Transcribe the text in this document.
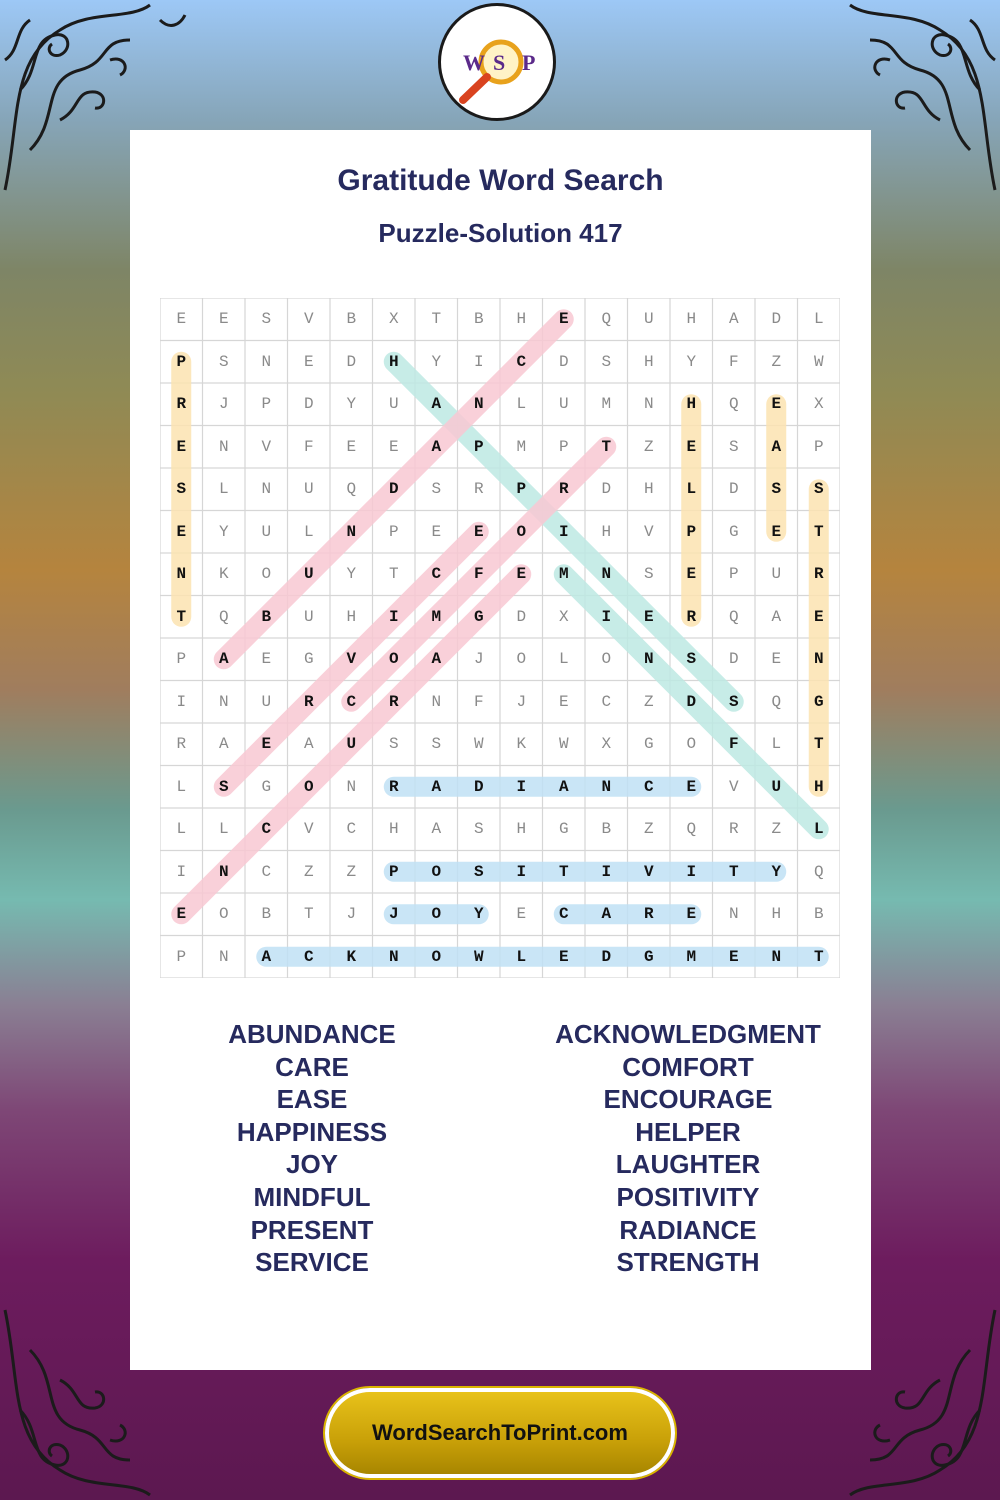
W S P
Gratitude Word Search
Puzzle-Solution 417
E	E	S	V	B	X	T	B	H	E	Q	U	H	A	D	L
P	S	N	E	D	H	Y	I	C	D	S	H	Y	F	Z	W
R	J	P	D	Y	U	A	N	L	U	M	N	H	Q	E	X
E	N	V	F	E	E	A	P	M	P	T	Z	E	S	A	P
S	L	N	U	Q	D	S	R	P	R	D	H	L	D	S	S
E	Y	U	L	N	P	E	E	O	I	H	V	P	G	E	T
N	K	O	U	Y	T	C	F	E	M	N	S	E	P	U	R
T	Q	B	U	H	I	M	G	D	X	I	E	R	Q	A	E
P	A	E	G	V	O	A	J	O	L	O	N	S	D	E	N
I	N	U	R	C	R	N	F	J	E	C	Z	D	S	Q	G
R	A	E	A	U	S	S	W	K	W	X	G	O	F	L	T
L	S	G	O	N	R	A	D	I	A	N	C	E	V	U	H
L	L	C	V	C	H	A	S	H	G	B	Z	Q	R	Z	L
I	N	C	Z	Z	P	O	S	I	T	I	V	I	T	Y	Q
E	O	B	T	J	J	O	Y	E	C	A	R	E	N	H	B
P	N	A	C	K	N	O	W	L	E	D	G	M	E	N	T
ABUNDANCE
CARE
EASE
HAPPINESS
JOY
MINDFUL
PRESENT
SERVICE
ACKNOWLEDGMENT
COMFORT
ENCOURAGE
HELPER
LAUGHTER
POSITIVITY
RADIANCE
STRENGTH
WordSearchToPrint.com
